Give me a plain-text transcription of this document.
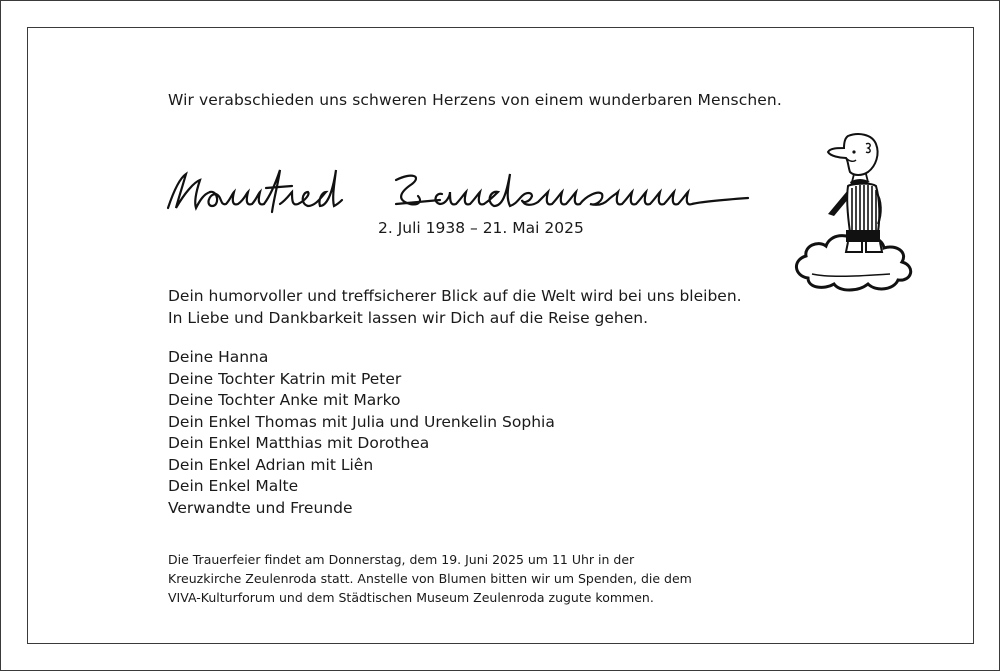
Wir verabschieden uns schweren Herzens von einem wunderbaren Menschen.
2. Juli 1938 – 21. Mai 2025
Dein humorvoller und treffsicherer Blick auf die Welt wird bei uns bleiben.
In Liebe und Dankbarkeit lassen wir Dich auf die Reise gehen.
Deine Hanna
Deine Tochter Katrin mit Peter
Deine Tochter Anke mit Marko
Dein Enkel Thomas mit Julia und Urenkelin Sophia
Dein Enkel Matthias mit Dorothea
Dein Enkel Adrian mit Liên
Dein Enkel Malte
Verwandte und Freunde
Die Trauerfeier findet am Donnerstag, dem 19. Juni 2025 um 11 Uhr in der
Kreuzkirche Zeulenroda statt. Anstelle von Blumen bitten wir um Spenden, die dem
VIVA-Kulturforum und dem Städtischen Museum Zeulenroda zugute kommen.
